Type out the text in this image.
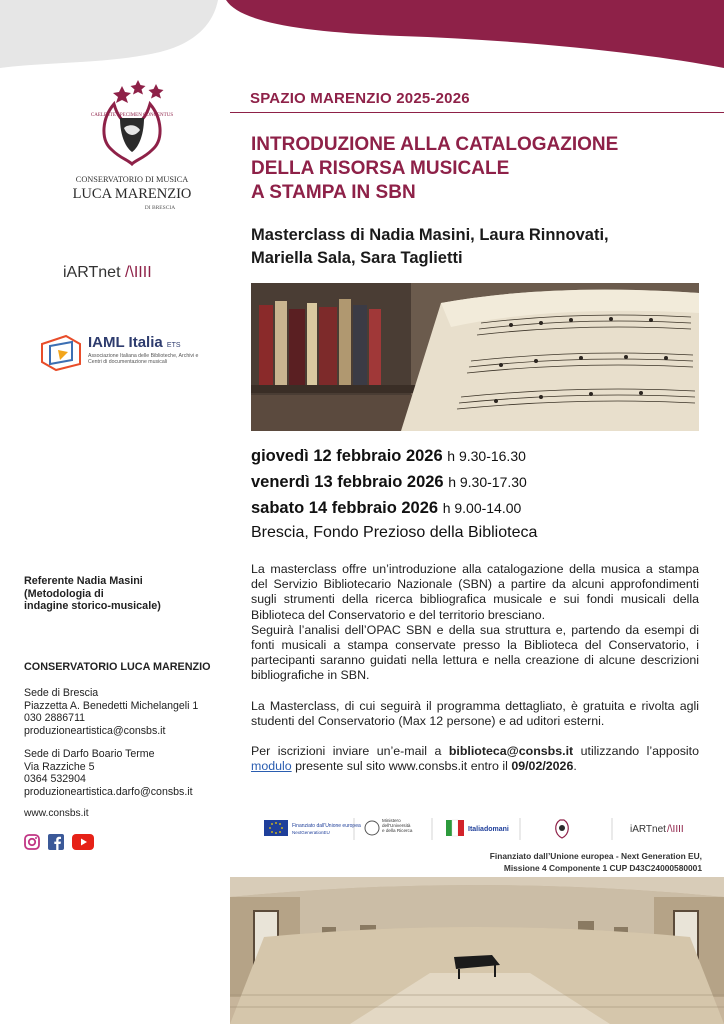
SPAZIO MARENZIO 2025-2026
INTRODUZIONE ALLA CATALOGAZIONE
DELLA RISORSA MUSICALE
A STAMPA IN SBN
Masterclass di Nadia Masini, Laura Rinnovati,
Mariella Sala, Sara Taglietti
giovedì 12 febbraio 2026 h 9.30-16.30
venerdì 13 febbraio 2026 h 9.30-17.30
sabato 14 febbraio 2026 h 9.00-14.00
Brescia, Fondo Prezioso della Biblioteca

La masterclass offre un’introduzione alla catalogazione della musica a stampa del Servizio Bibliotecario Nazionale (SBN) a partire da alcuni approfondimenti sugli strumenti della ricerca bibliografica musicale e sui fondi musicali della Biblioteca del Conservatorio e del territorio bresciano.

Seguirà l’analisi dell’OPAC SBN e della sua struttura e, partendo da esempi di fonti musicali a stampa conservate presso la Biblioteca del Conservatorio, i partecipanti saranno guidati nella lettura e nella creazione di alcune descrizioni bibliografiche in SBN.

La Masterclass, di cui seguirà il programma dettagliato, è gratuita e rivolta agli studenti del Conservatorio (Max 12 persone) e ad uditori esterni.

Per iscrizioni inviare un’e-mail a biblioteca@consbs.it utilizzando l’apposito modulo presente sul sito www.consbs.it entro il 09/02/2026.

CAELESTE SPECIMEN CONCENTUS
CONSERVATORIO DI MUSICA
LUCA MARENZIO
DI BRESCIA
iARTnet /\IIII
IAML Italia ETS
Associazione Italiana delle Biblioteche, Archivi e Centri di documentazione musicali
Referente Nadia Masini
(Metodologia di
indagine storico-musicale)
CONSERVATORIO LUCA MARENZIO
Sede di Brescia
Piazzetta A. Benedetti Michelangeli 1
030 2886711
produzioneartistica@consbs.it
Sede di Darfo Boario Terme
Via Razziche 5
0364 532904
produzioneartistica.darfo@consbs.it
www.consbs.it
Finanziato dall'Unione europea
NextGenerationEU
Ministero dell'Università e della Ricerca	Italiadomani	iARTnet /\IIII
Finanziato dall’Unione europea - Next Generation EU,
Missione 4 Componente 1 CUP D43C24000580001
